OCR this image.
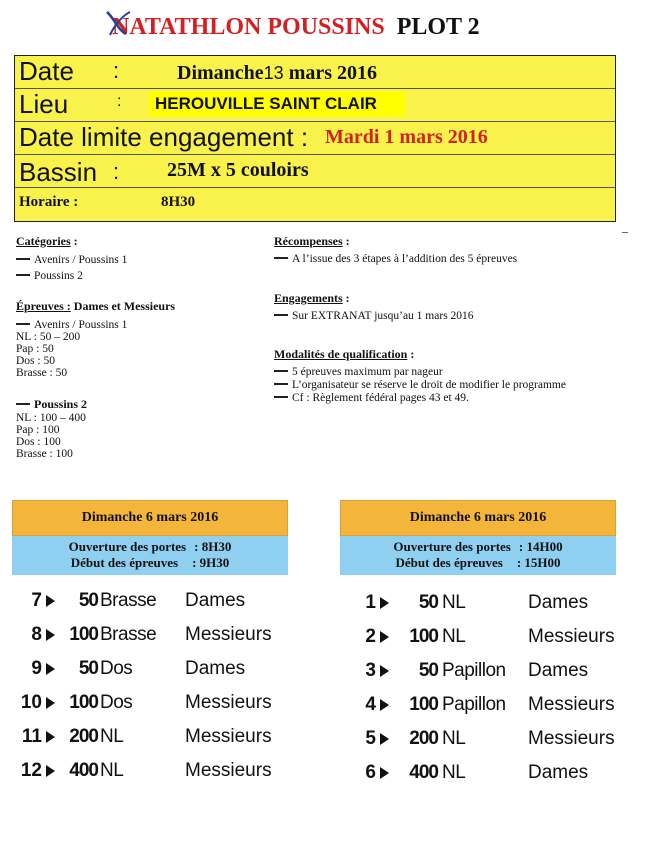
NATATHLON POUSSINS PLOT 2
Date :	Dimanche13 mars 2016
Lieu	:	HEROUVILLE SAINT CLAIR
Date limite engagement : Mardi 1 mars 2016
Bassin : 25M x 5 couloirs
Horaire :	8H30
Catégories :
Avenirs / Poussins 1
Poussins 2
Épreuves : Dames et Messieurs
Avenirs / Poussins 1
NL : 50 – 200
Pap : 50
Dos : 50
Brasse : 50
Poussins 2
NL : 100 – 400
Pap : 100
Dos : 100
Brasse : 100
Récompenses :
A l’issue des 3 étapes à l’addition des 5 épreuves
Engagements :
Sur EXTRANAT jusqu’au 1 mars 2016
Modalités de qualification :
5 épreuves maximum par nageur
L’organisateur se réserve le droit de modifier le programme
Cf : Règlement fédéral pages 43 et 49.
Dimanche 6 mars 2016
Ouverture des portes : 8H30
Début des épreuves : 9H30
Dimanche 6 mars 2016
Ouverture des portes : 14H00
Début des épreuves : 15H00
7	50 Brasse Dames
8	100 Brasse Messieurs
9	50 Dos	Dames
10	100 Dos	Messieurs
11	200 NL	Messieurs
12	400 NL	Messieurs
1	50 NL	Dames
2	100 NL	Messieurs
3	50 Papillon Dames
4	100 Papillon Messieurs
5	200 NL	Messieurs
6	400 NL	Dames
